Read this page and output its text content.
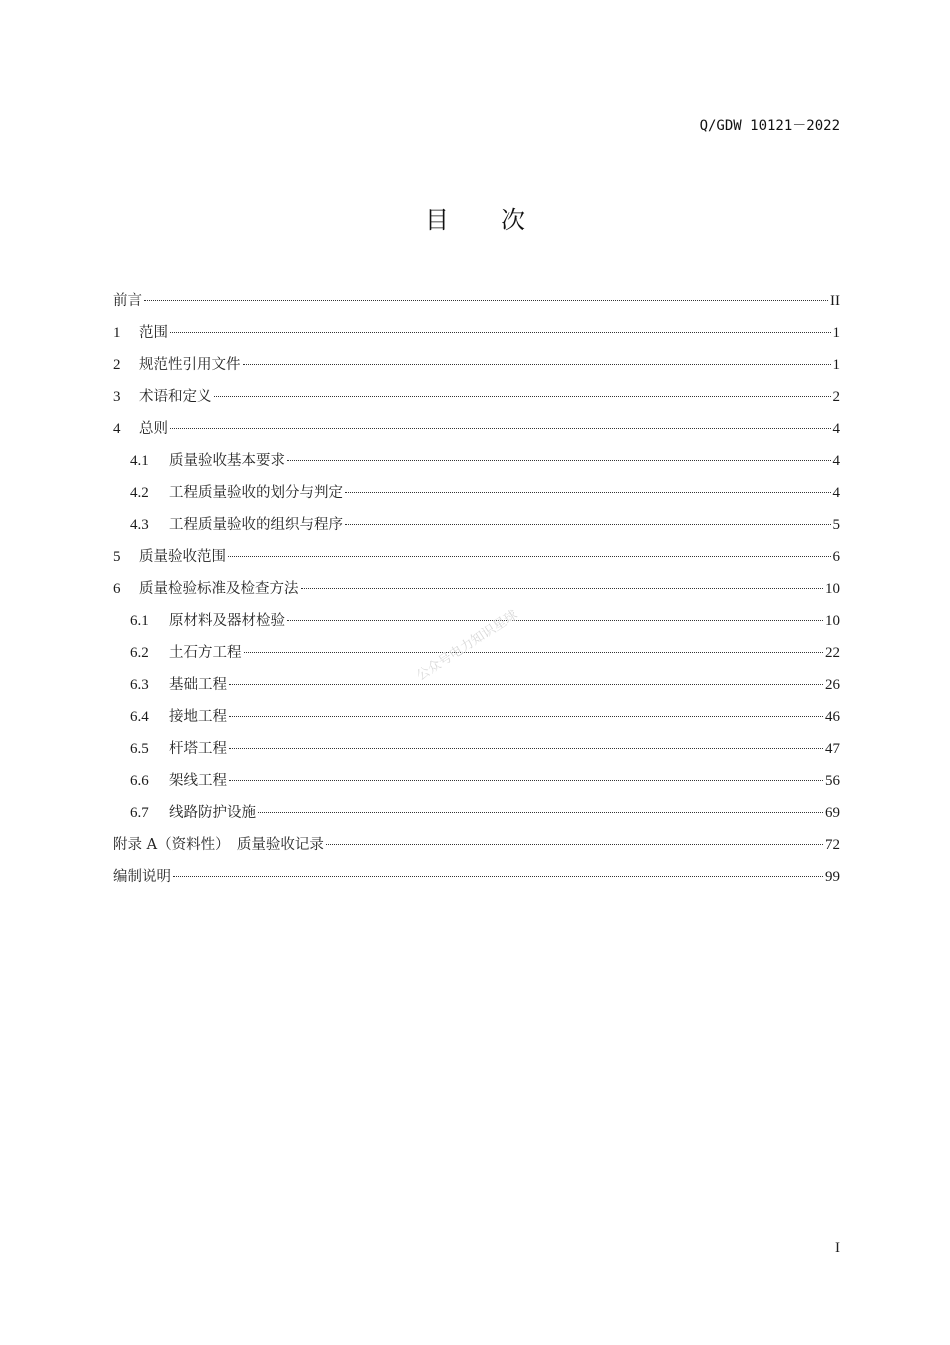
Q/GDW 10121－2022
目 次
前言	II
1	范围	1
2	规范性引用文件	1
3	术语和定义	2
4	总则	4
4.1	质量验收基本要求	4
4.2	工程质量验收的划分与判定	4
4.3	工程质量验收的组织与程序	5
5	质量验收范围	6
6	质量检验标准及检查方法	10
6.1	原材料及器材检验	10
6.2	土石方工程	22
6.3	基础工程	26
6.4	接地工程	46
6.5	杆塔工程	47
6.6	架线工程	56
6.7	线路防护设施	69
附录 A（资料性）　质量验收记录	72
编制说明	99
公众号电力知识星球
I
